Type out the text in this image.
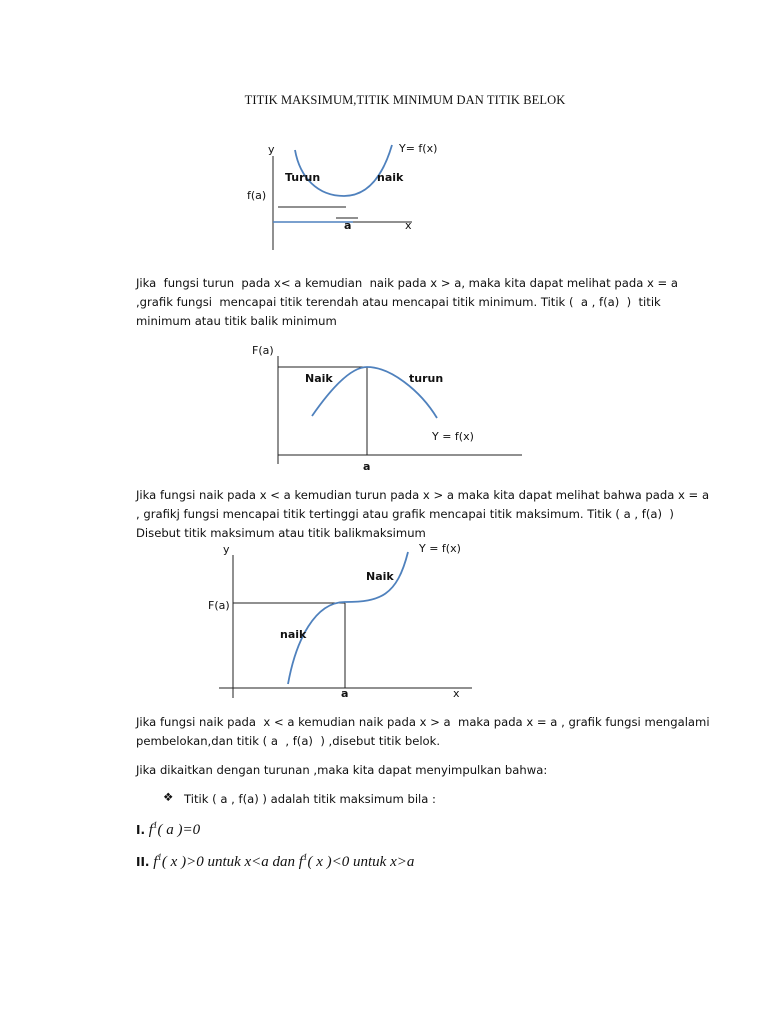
TITIK MAKSIMUM,TITIK MINIMUM DAN TITIK BELOK
y	Y= f(x)
Turun	naik
f(a)
a	x
F(a)
Naik	turun
Y = f(x)
a
y	Y = f(x)
Naik
F(a)
naik
a	x
Jika  fungsi turun  pada x< a kemudian  naik pada x > a, maka kita dapat melihat pada x = a
,grafik fungsi  mencapai titik terendah atau mencapai titik minimum. Titik (  a , f(a)  )  titik
minimum atau titik balik minimum
Jika fungsi naik pada x < a kemudian turun pada x > a maka kita dapat melihat bahwa pada x = a
, grafikj fungsi mencapai titik tertinggi atau grafik mencapai titik maksimum. Titik ( a , f(a)  )
Disebut titik maksimum atau titik balikmaksimum
Jika fungsi naik pada  x < a kemudian naik pada x > a  maka pada x = a , grafik fungsi mengalami
pembelokan,dan titik ( a  , f(a)  ) ,disebut titik belok.
Jika dikaitkan dengan turunan ,maka kita dapat menyimpulkan bahwa:
❖ Titik ( a , f(a) ) adalah titik maksimum bila :
I. $f^1$( a )=0
II. $f^1$( x )>0 untuk x<a dan $f^1$( x )<0 untuk x>a
